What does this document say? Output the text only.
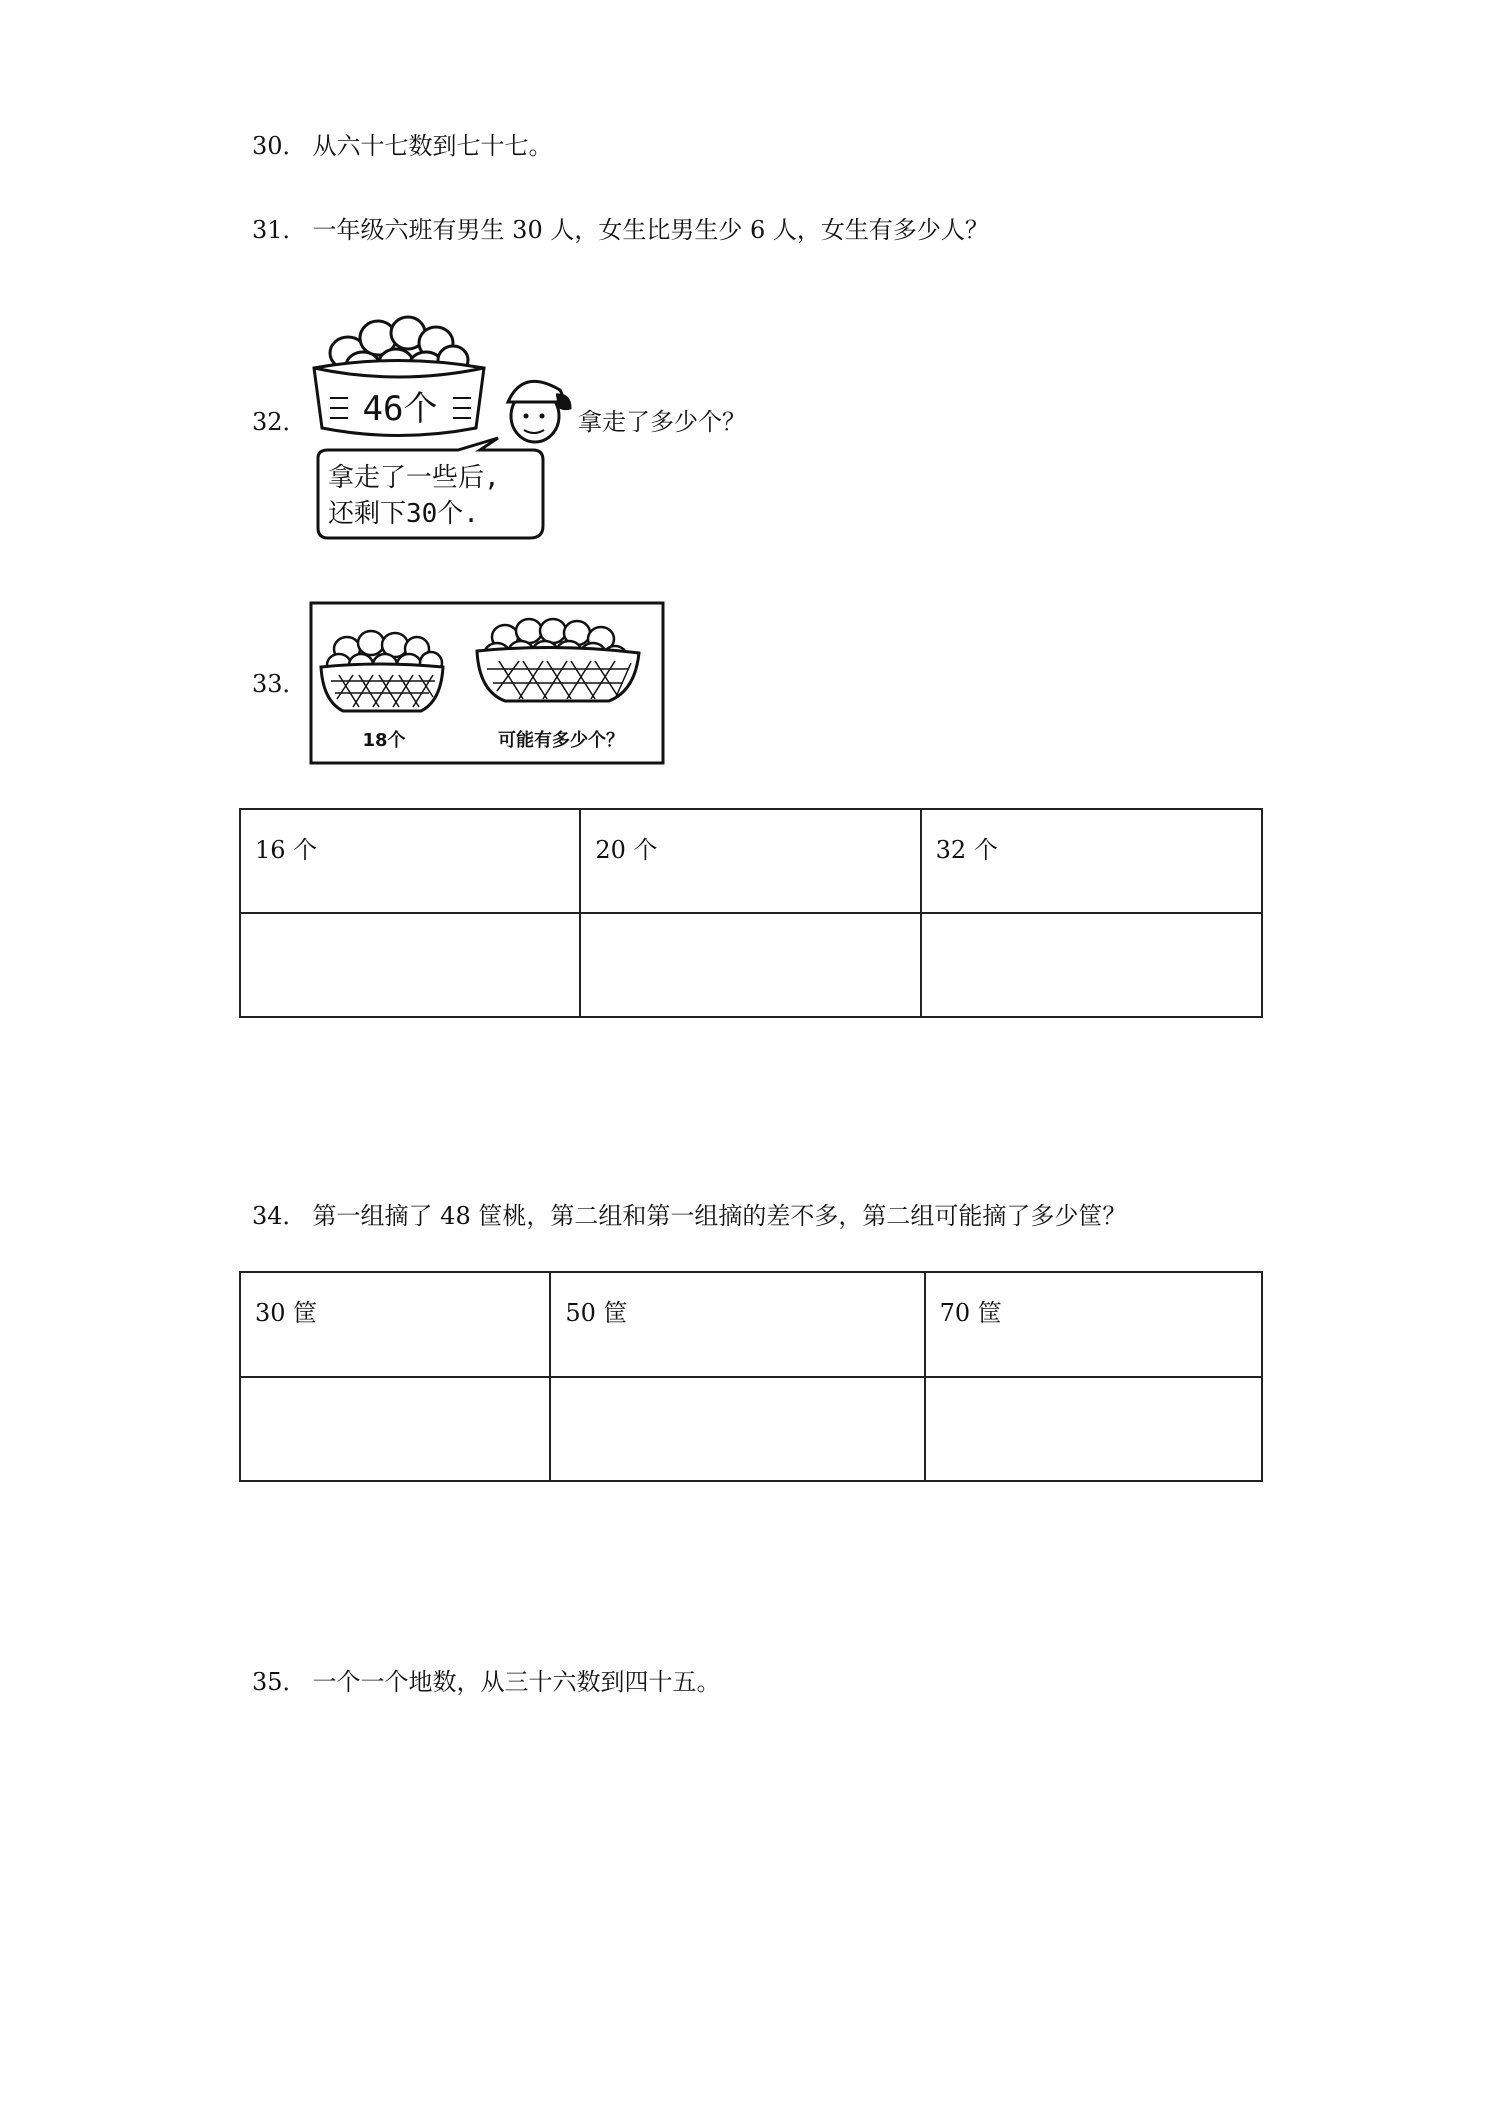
30． 从六十七数到七十七。
31． 一年级六班有男生 30 人，女生比男生少 6 人，女生有多少人？
32． 46个
拿走了一些后,
还剩下30个.
拿走了多少个？
33．
18个	可能有多少个？
16 个	20 个	32 个

34． 第一组摘了 48 筐桃，第二组和第一组摘的差不多，第二组可能摘了多少筐？
30 筐	50 筐	70 筐

35． 一个一个地数，从三十六数到四十五。
